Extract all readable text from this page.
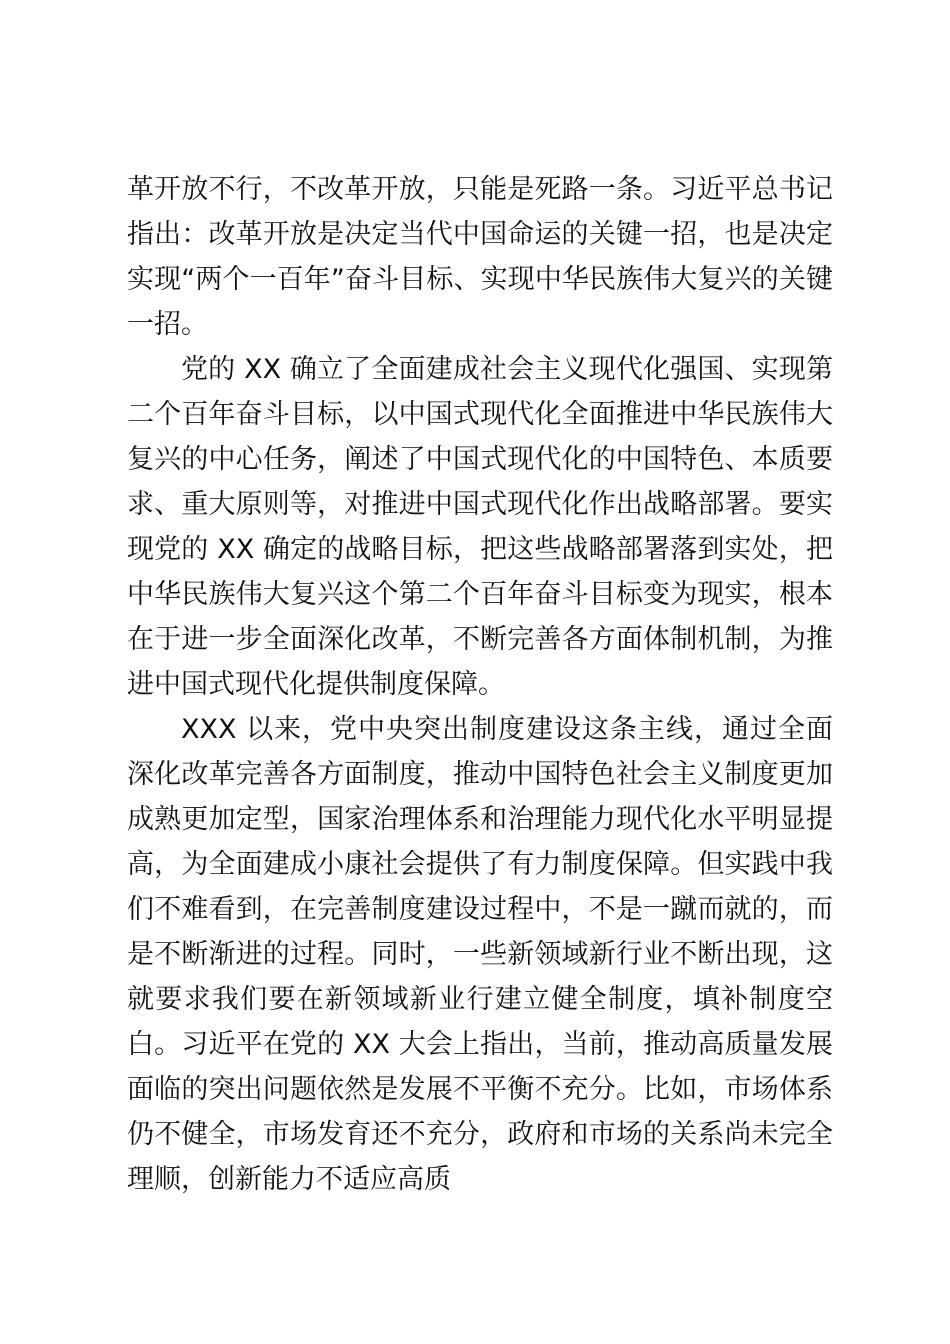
革开放不行，不改革开放，只能是死路一条。习近平总书记指出：改革开放是决定当代中国命运的关键一招，也是决定实现“两个一百年”奋斗目标、实现中华民族伟大复兴的关键一招。

党的 XX 确立了全面建成社会主义现代化强国、实现第二个百年奋斗目标，以中国式现代化全面推进中华民族伟大复兴的中心任务，阐述了中国式现代化的中国特色、本质要求、重大原则等，对推进中国式现代化作出战略部署。要实现党的 XX 确定的战略目标，把这些战略部署落到实处，把中华民族伟大复兴这个第二个百年奋斗目标变为现实，根本在于进一步全面深化改革，不断完善各方面体制机制，为推进中国式现代化提供制度保障。

XXX 以来，党中央突出制度建设这条主线，通过全面深化改革完善各方面制度，推动中国特色社会主义制度更加成熟更加定型，国家治理体系和治理能力现代化水平明显提高，为全面建成小康社会提供了有力制度保障。但实践中我们不难看到，在完善制度建设过程中，不是一蹴而就的，而是不断渐进的过程。同时，一些新领域新行业不断出现，这就要求我们要在新领域新业行建立健全制度，填补制度空白。习近平在党的 XX 大会上指出，当前，推动高质量发展面临的突出问题依然是发展不平衡不充分。比如，市场体系仍不健全，市场发育还不充分，政府和市场的关系尚未完全理顺，创新能力不适应高质
